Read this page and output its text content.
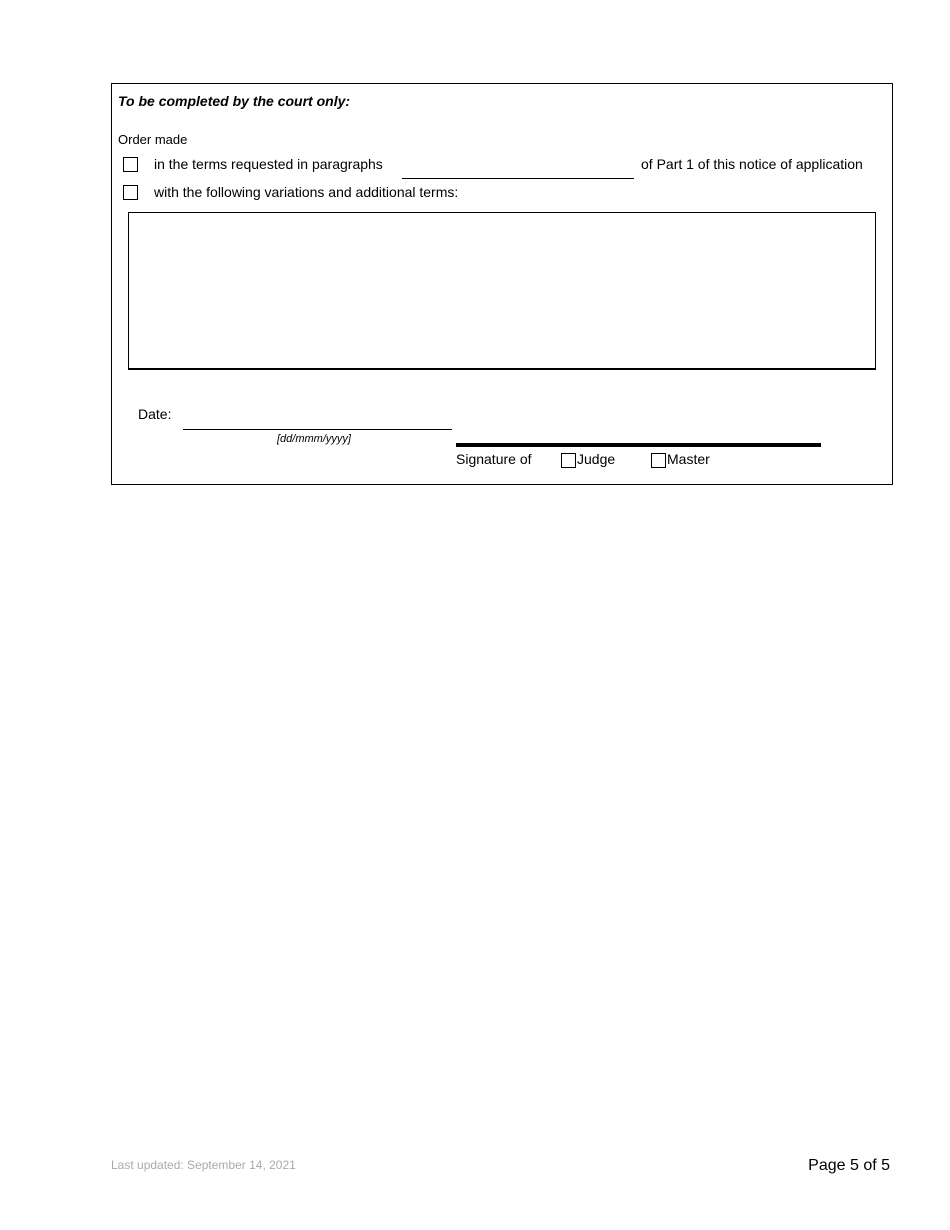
To be completed by the court only:
Order made
in the terms requested in paragraphs	of Part 1 of this notice of application
with the following variations and additional terms:
Date:
[dd/mmm/yyyy]
Signature of	Judge	Master
Last updated: September 14, 2021	Page 5 of 5
